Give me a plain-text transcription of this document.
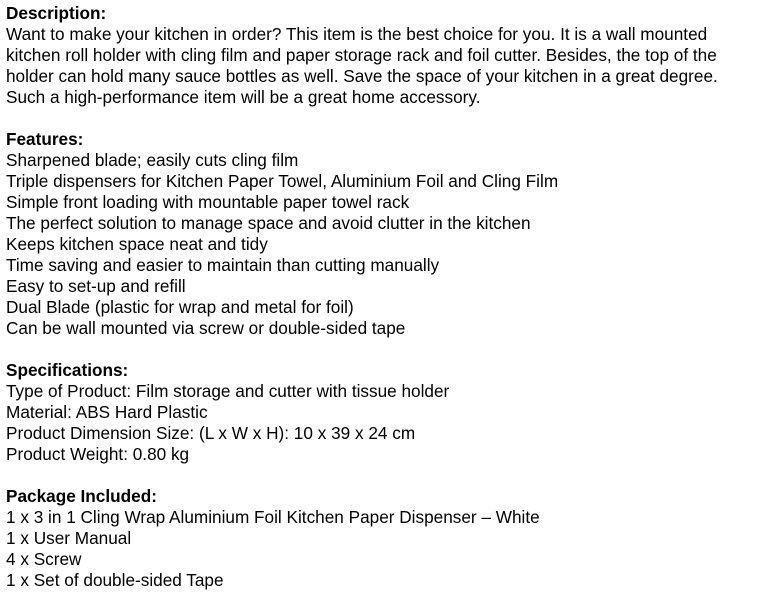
Description:

Want to make your kitchen in order? This item is the best choice for you. It is a wall mounted

kitchen roll holder with cling film and paper storage rack and foil cutter. Besides, the top of the

holder can hold many sauce bottles as well. Save the space of your kitchen in a great degree.

Such a high-performance item will be a great home accessory.

Features:

Sharpened blade; easily cuts cling film

Triple dispensers for Kitchen Paper Towel, Aluminium Foil and Cling Film

Simple front loading with mountable paper towel rack

The perfect solution to manage space and avoid clutter in the kitchen

Keeps kitchen space neat and tidy

Time saving and easier to maintain than cutting manually

Easy to set-up and refill

Dual Blade (plastic for wrap and metal for foil)

Can be wall mounted via screw or double-sided tape

Specifications:

Type of Product: Film storage and cutter with tissue holder

Material: ABS Hard Plastic

Product Dimension Size: (L x W x H): 10 x 39 x 24 cm

Product Weight: 0.80 kg

Package Included:

1 x 3 in 1 Cling Wrap Aluminium Foil Kitchen Paper Dispenser – White

1 x User Manual

4 x Screw

1 x Set of double-sided Tape
